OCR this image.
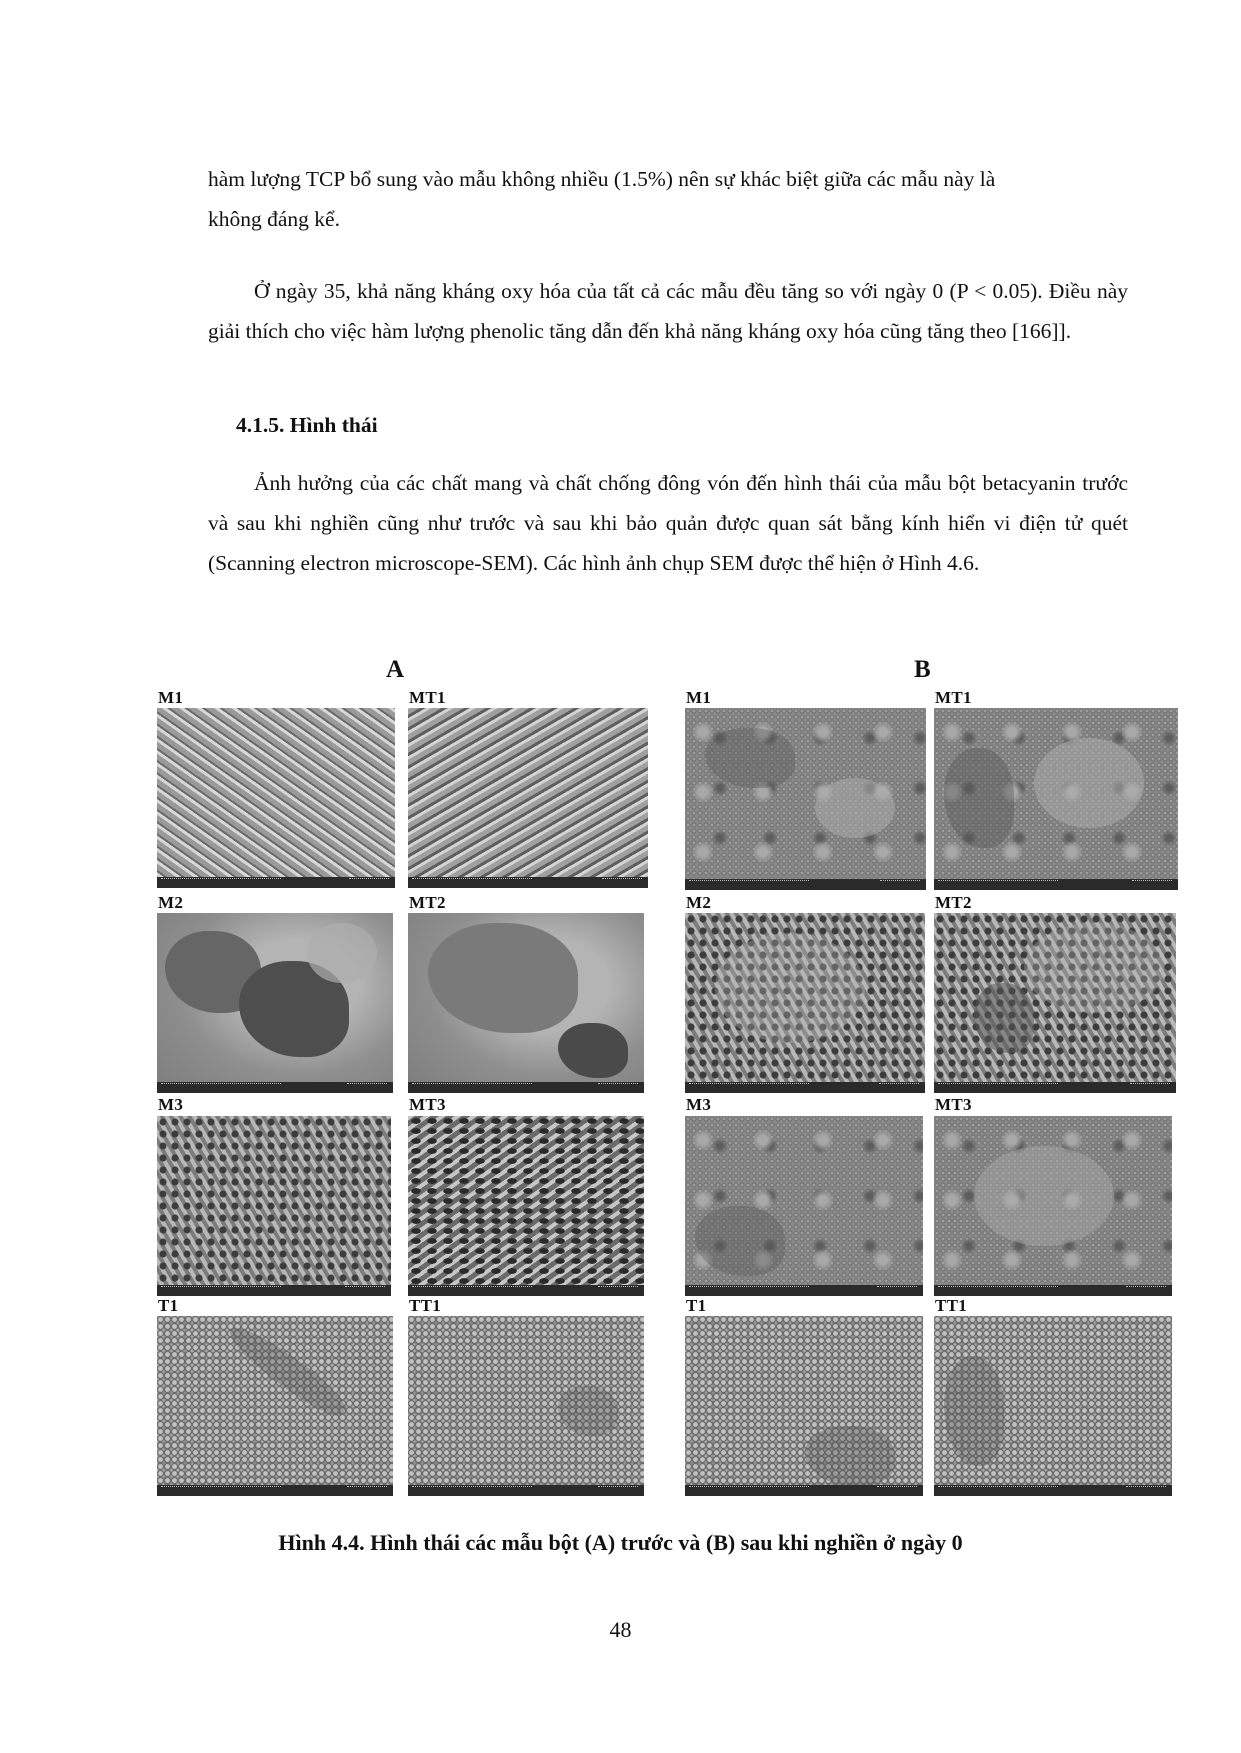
hàm lượng TCP bổ sung vào mẫu không nhiều (1.5%) nên sự khác biệt giữa các mẫu này là

không đáng kể.

Ở ngày 35, khả năng kháng oxy hóa của tất cả các mẫu đều tăng so với ngày 0 (P < 0.05). Điều này giải thích cho việc hàm lượng phenolic tăng dẫn đến khả năng kháng oxy hóa cũng tăng theo [166]].

4.1.5. Hình thái

Ảnh hưởng của các chất mang và chất chống đông vón đến hình thái của mẫu bột betacyanin trước và sau khi nghiền cũng như trước và sau khi bảo quản được quan sát bằng kính hiển vi điện tử quét (Scanning electron microscope-SEM). Các hình ảnh chụp SEM được thể hiện ở Hình 4.6.

A	B
M1	MT1	M1	MT1
M2	MT2	M2	MT2
M3	MT3	M3	MT3
T1	TT1	T1	TT1

Hình 4.4. Hình thái các mẫu bột (A) trước và (B) sau khi nghiền ở ngày 0

48
